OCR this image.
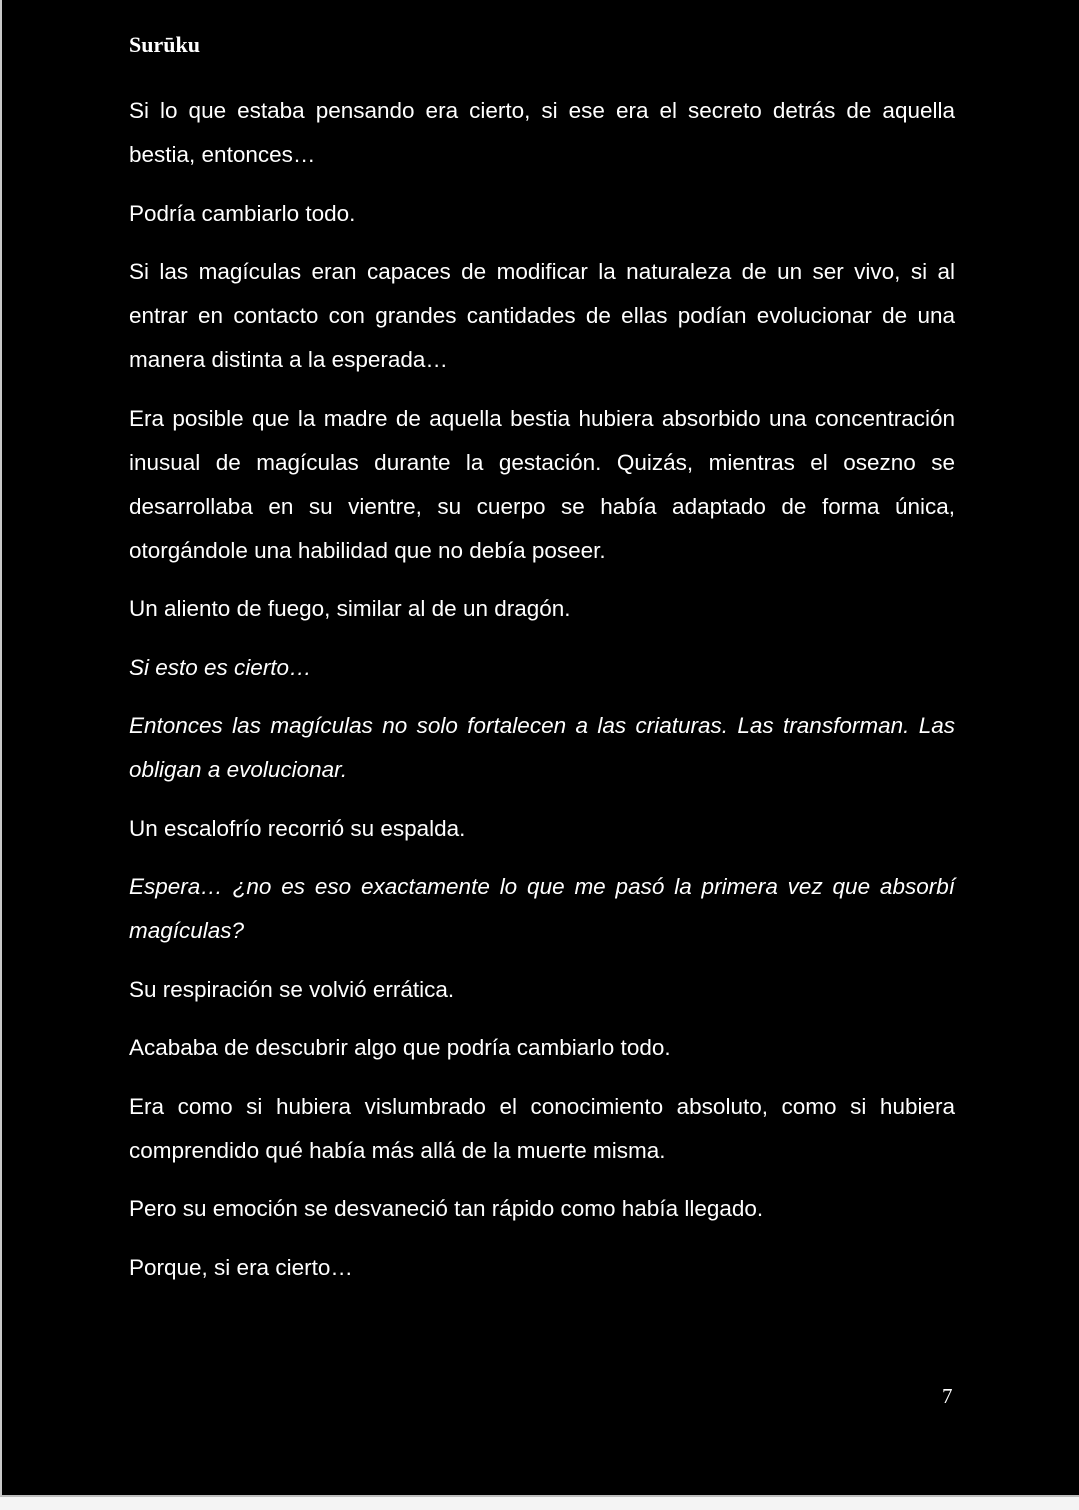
Surūku

Si lo que estaba pensando era cierto, si ese era el secreto detrás de aquella bestia, entonces…

Podría cambiarlo todo.

Si las magículas eran capaces de modificar la naturaleza de un ser vivo, si al entrar en contacto con grandes cantidades de ellas podían evolucionar de una manera distinta a la esperada…

Era posible que la madre de aquella bestia hubiera absorbido una concentración inusual de magículas durante la gestación. Quizás, mientras el osezno se desarrollaba en su vientre, su cuerpo se había adaptado de forma única, otorgándole una habilidad que no debía poseer.

Un aliento de fuego, similar al de un dragón.

Si esto es cierto…

Entonces las magículas no solo fortalecen a las criaturas. Las transforman. Las obligan a evolucionar.

Un escalofrío recorrió su espalda.

Espera… ¿no es eso exactamente lo que me pasó la primera vez que absorbí magículas?

Su respiración se volvió errática.

Acababa de descubrir algo que podría cambiarlo todo.

Era como si hubiera vislumbrado el conocimiento absoluto, como si hubiera comprendido qué había más allá de la muerte misma.

Pero su emoción se desvaneció tan rápido como había llegado.

Porque, si era cierto…

7
